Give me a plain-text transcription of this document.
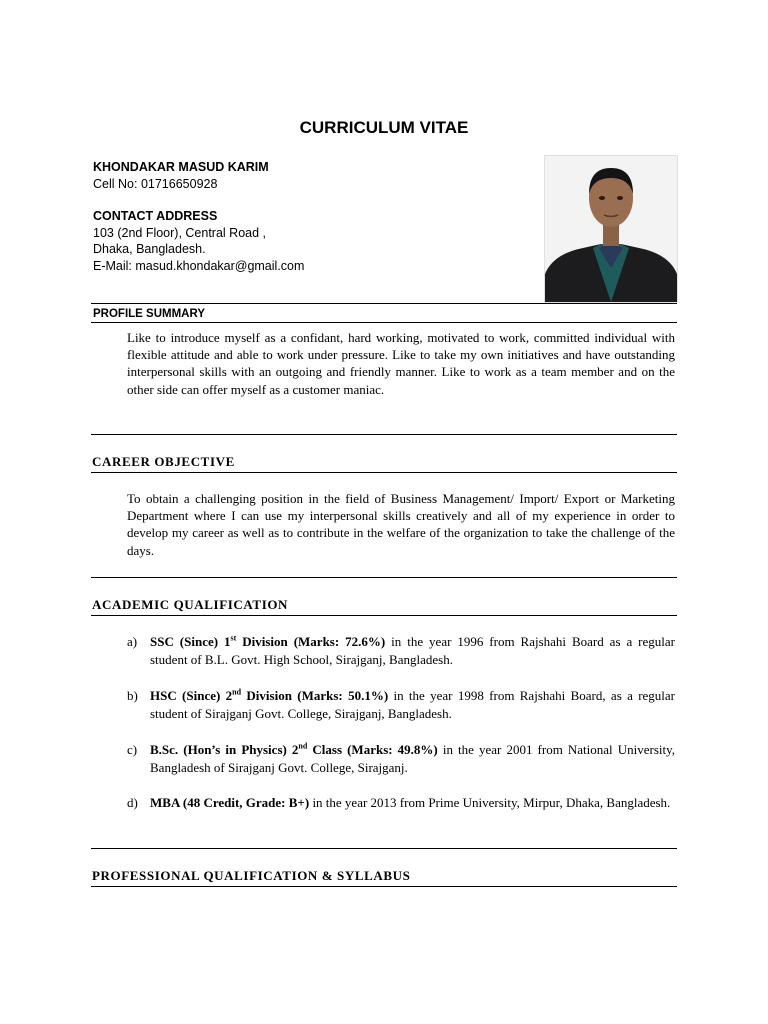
CURRICULUM VITAE
KHONDAKAR MASUD KARIM
Cell No: 01716650928
CONTACT ADDRESS
103 (2nd Floor), Central Road ,
Dhaka, Bangladesh.
E-Mail: masud.khondakar@gmail.com
PROFILE SUMMARY
Like to introduce myself as a confidant, hard working, motivated to work, committed individual with flexible attitude and able to work under pressure. Like to take my own initiatives and have outstanding interpersonal skills with an outgoing and friendly manner. Like to work as a team member and on the other side can offer myself as a customer maniac.
CAREER OBJECTIVE
To obtain a challenging position in the field of Business Management/ Import/ Export or Marketing Department where I can use my interpersonal skills creatively and all of my experience in order to develop my career as well as to contribute in the welfare of the organization to take the challenge of the days.
ACADEMIC QUALIFICATION
a) SSC (Since) 1st Division (Marks: 72.6%) in the year 1996 from Rajshahi Board as a regular student of B.L. Govt. High School, Sirajganj, Bangladesh.
b) HSC (Since) 2nd Division (Marks: 50.1%) in the year 1998 from Rajshahi Board, as a regular student of Sirajganj Govt. College, Sirajganj, Bangladesh.
c) B.Sc. (Hon’s in Physics) 2nd Class (Marks: 49.8%) in the year 2001 from National University, Bangladesh of Sirajganj Govt. College, Sirajganj.
d) MBA (48 Credit, Grade: B+) in the year 2013 from Prime University, Mirpur, Dhaka, Bangladesh.
PROFESSIONAL QUALIFICATION & SYLLABUS
